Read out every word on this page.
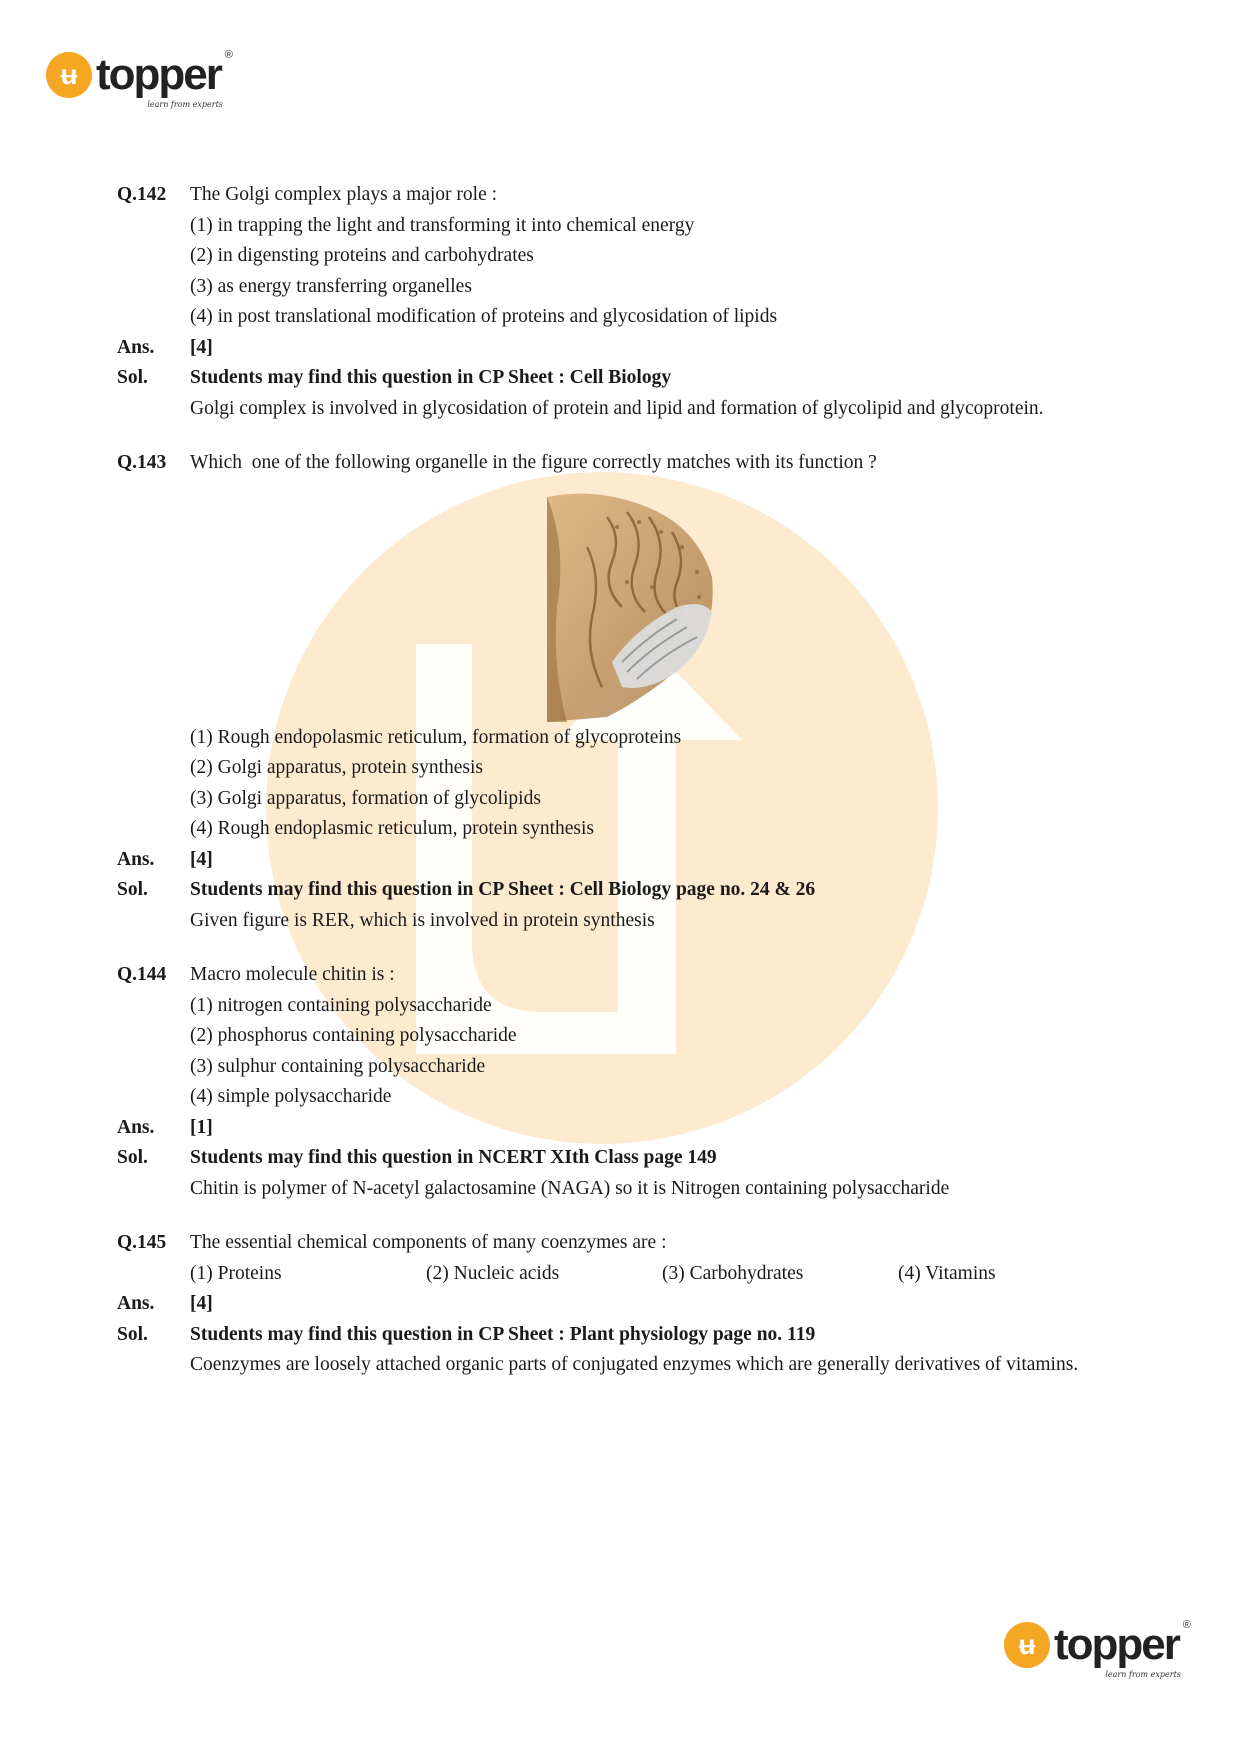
ʉ topper ®
learn from experts
Q.142	The Golgi complex plays a major role :
(1) in trapping the light and transforming it into chemical energy
(2) in digensting proteins and carbohydrates
(3) as energy transferring organelles
(4) in post translational modification of proteins and glycosidation of lipids
Ans.	[4]
Sol.	Students may find this question in CP Sheet : Cell Biology
Golgi complex is involved in glycosidation of protein and lipid and formation of glycolipid and glycoprotein.
Q.143	Which  one of the following organelle in the figure correctly matches with its function ?
(1) Rough endopolasmic reticulum, formation of glycoproteins
(2) Golgi apparatus, protein synthesis
(3) Golgi apparatus, formation of glycolipids
(4) Rough endoplasmic reticulum, protein synthesis
Ans.	[4]
Sol.	Students may find this question in CP Sheet : Cell Biology page no. 24 & 26
Given figure is RER, which is involved in protein synthesis
Q.144	Macro molecule chitin is :
(1) nitrogen containing polysaccharide
(2) phosphorus containing polysaccharide
(3) sulphur containing polysaccharide
(4) simple polysaccharide
Ans.	[1]
Sol.	Students may find this question in NCERT XIth Class page 149
Chitin is polymer of N-acetyl galactosamine (NAGA) so it is Nitrogen containing polysaccharide
Q.145	The essential chemical components of many coenzymes are :
(1) Proteins	(2) Nucleic acids	(3) Carbohydrates	(4) Vitamins
Ans.	[4]
Sol.	Students may find this question in CP Sheet : Plant physiology page no. 119
Coenzymes are loosely attached organic parts of conjugated enzymes which are generally derivatives of vitamins.
ʉ topper ®
learn from experts
